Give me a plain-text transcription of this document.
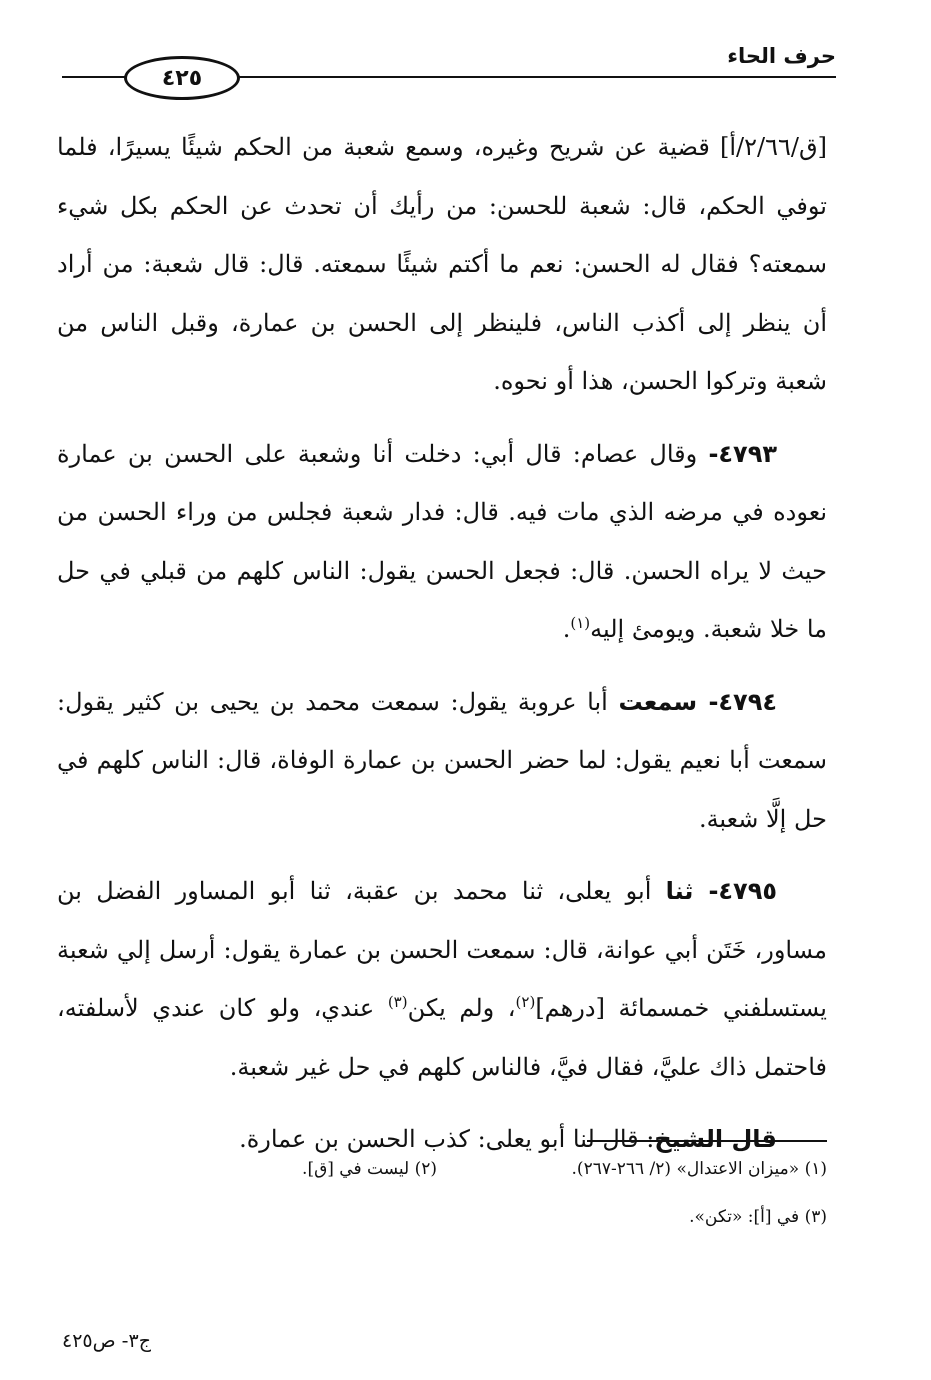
حرف الحاء
٤٢٥

[ق/٢/٦٦/أ] قضية عن شريح وغيره، وسمع شعبة من الحكم شيئًا يسيرًا، فلما توفي الحكم، قال: شعبة للحسن: من رأيك أن تحدث عن الحكم بكل شيء سمعته؟ فقال له الحسن: نعم ما أكتم شيئًا سمعته. قال: قال شعبة: من أراد أن ينظر إلى أكذب الناس، فلينظر إلى الحسن بن عمارة، وقبل الناس من شعبة وتركوا الحسن، هذا أو نحوه.

٤٧٩٣- وقال عصام: قال أبي: دخلت أنا وشعبة على الحسن بن عمارة نعوده في مرضه الذي مات فيه. قال: فدار شعبة فجلس من وراء الحسن من حيث لا يراه الحسن. قال: فجعل الحسن يقول: الناس كلهم من قبلي في حل ما خلا شعبة. ويومئ إليه$^{(١)}$.

٤٧٩٤- سمعت أبا عروبة يقول: سمعت محمد بن يحيى بن كثير يقول: سمعت أبا نعيم يقول: لما حضر الحسن بن عمارة الوفاة، قال: الناس كلهم في حل إلَّا شعبة.

٤٧٩٥- ثنا أبو يعلى، ثنا محمد بن عقبة، ثنا أبو المساور الفضل بن مساور، خَتَن أبي عوانة، قال: سمعت الحسن بن عمارة يقول: أرسل إلي شعبة يستسلفني خمسمائة [درهم]$^{(٢)}$، ولم يكن$^{(٣)}$ عندي، ولو كان عندي لأسلفته، فاحتمل ذاك عليَّ، فقال فيَّ، فالناس كلهم في حل غير شعبة.

قال الشيخ: قال لنا أبو يعلى: كذب الحسن بن عمارة.

(١) «ميزان الاعتدال» (٢/ ٢٦٦-٢٦٧).
(٢) ليست في [ق].
(٣) في [أ]: «تكن».
ج٣- ص٤٢٥
